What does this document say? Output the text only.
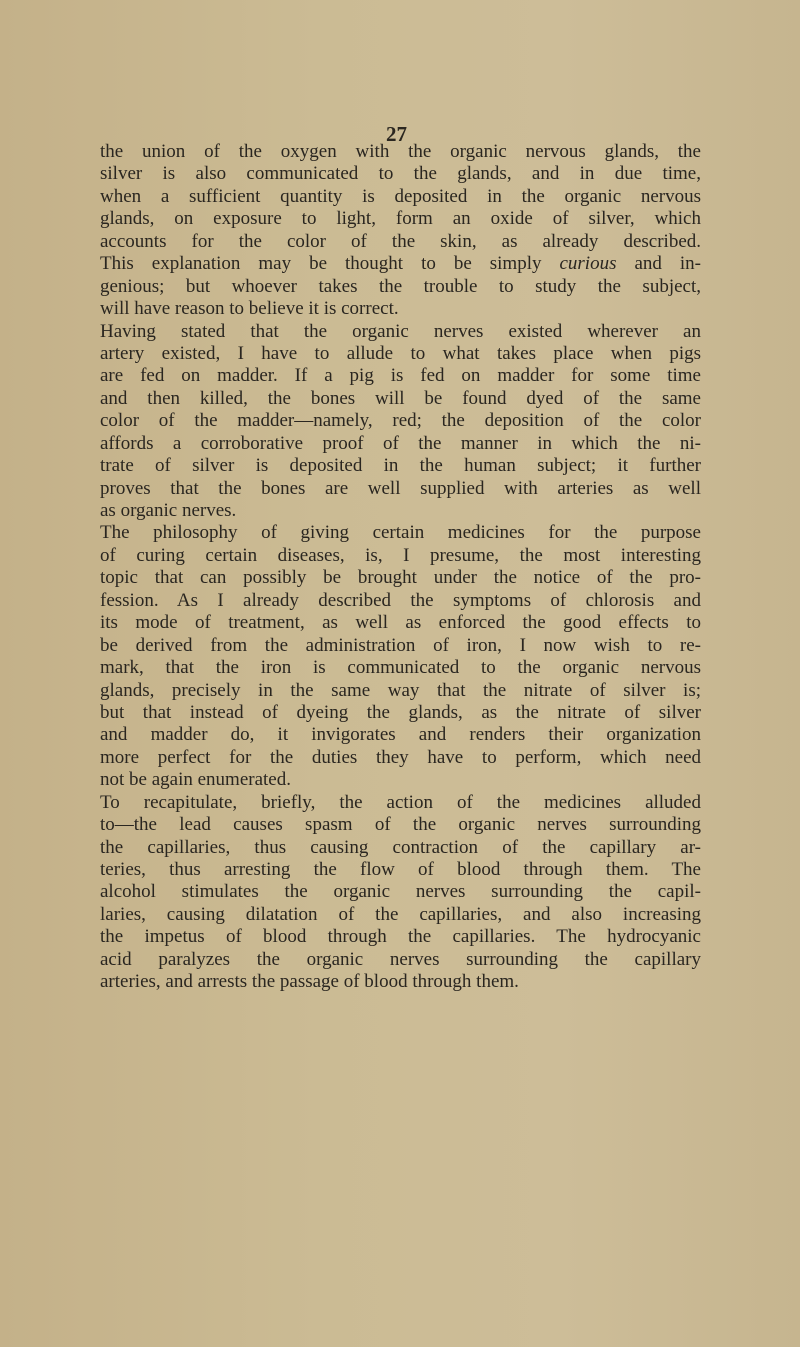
27
the union of the oxygen with the organic nervous glands, the
silver is also communicated to the glands, and in due time,
when a sufficient quantity is deposited in the organic nervous
glands, on exposure to light, form an oxide of silver, which
accounts for the color of the skin, as already described.
This explanation may be thought to be simply curious and in-
genious; but whoever takes the trouble to study the subject,
will have reason to believe it is correct.
Having stated that the organic nerves existed wherever an
artery existed, I have to allude to what takes place when pigs
are fed on madder. If a pig is fed on madder for some time
and then killed, the bones will be found dyed of the same
color of the madder—namely, red; the deposition of the color
affords a corroborative proof of the manner in which the ni-
trate of silver is deposited in the human subject; it further
proves that the bones are well supplied with arteries as well
as organic nerves.
The philosophy of giving certain medicines for the purpose
of curing certain diseases, is, I presume, the most interesting
topic that can possibly be brought under the notice of the pro-
fession. As I already described the symptoms of chlorosis and
its mode of treatment, as well as enforced the good effects to
be derived from the administration of iron, I now wish to re-
mark, that the iron is communicated to the organic nervous
glands, precisely in the same way that the nitrate of silver is;
but that instead of dyeing the glands, as the nitrate of silver
and madder do, it invigorates and renders their organization
more perfect for the duties they have to perform, which need
not be again enumerated.
To recapitulate, briefly, the action of the medicines alluded
to—the lead causes spasm of the organic nerves surrounding
the capillaries, thus causing contraction of the capillary ar-
teries, thus arresting the flow of blood through them. The
alcohol stimulates the organic nerves surrounding the capil-
laries, causing dilatation of the capillaries, and also increasing
the impetus of blood through the capillaries. The hydrocyanic
acid paralyzes the organic nerves surrounding the capillary
arteries, and arrests the passage of blood through them.
